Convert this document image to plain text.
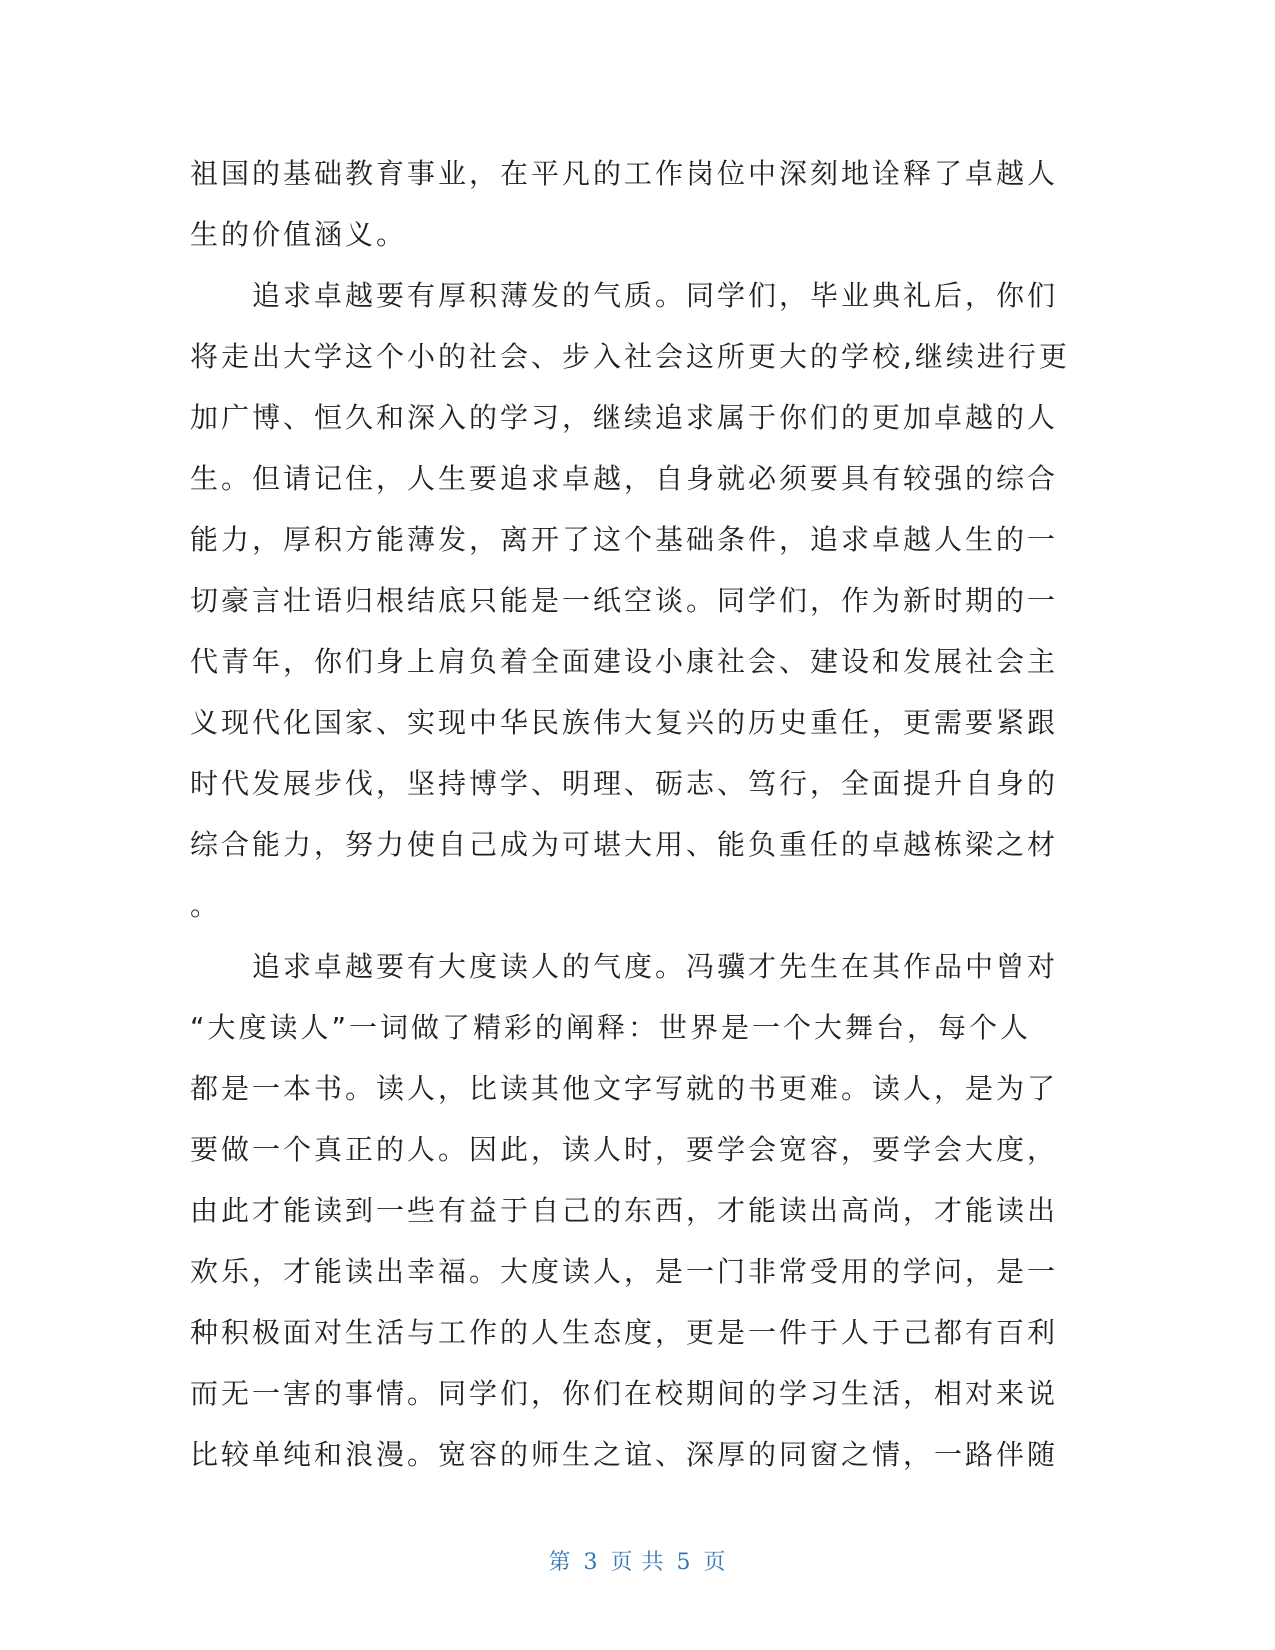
祖国的基础教育事业，在平凡的工作岗位中深刻地诠释了卓越人
生的价值涵义。
　　追求卓越要有厚积薄发的气质。同学们，毕业典礼后，你们
将走出大学这个小的社会、步入社会这所更大的学校,继续进行更
加广博、恒久和深入的学习，继续追求属于你们的更加卓越的人
生。但请记住，人生要追求卓越，自身就必须要具有较强的综合
能力，厚积方能薄发，离开了这个基础条件，追求卓越人生的一
切豪言壮语归根结底只能是一纸空谈。同学们，作为新时期的一
代青年，你们身上肩负着全面建设小康社会、建设和发展社会主
义现代化国家、实现中华民族伟大复兴的历史重任，更需要紧跟
时代发展步伐，坚持博学、明理、砺志、笃行，全面提升自身的
综合能力，努力使自己成为可堪大用、能负重任的卓越栋梁之材
。
　　追求卓越要有大度读人的气度。冯骥才先生在其作品中曾对
“大度读人”一词做了精彩的阐释：世界是一个大舞台，每个人
都是一本书。读人，比读其他文字写就的书更难。读人，是为了
要做一个真正的人。因此，读人时，要学会宽容，要学会大度，
由此才能读到一些有益于自己的东西，才能读出高尚，才能读出
欢乐，才能读出幸福。大度读人，是一门非常受用的学问，是一
种积极面对生活与工作的人生态度，更是一件于人于己都有百利
而无一害的事情。同学们，你们在校期间的学习生活，相对来说
比较单纯和浪漫。宽容的师生之谊、深厚的同窗之情，一路伴随
第 3 页 共 5 页
